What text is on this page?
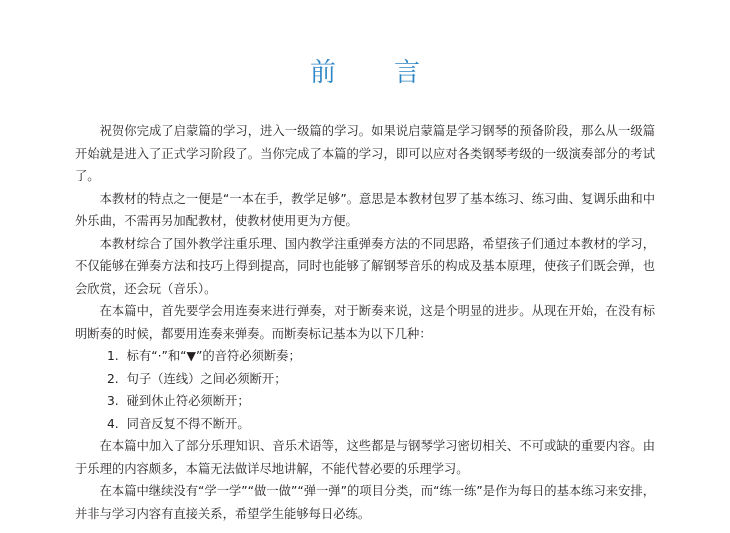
前　言

祝贺你完成了启蒙篇的学习，进入一级篇的学习。如果说启蒙篇是学习钢琴的预备阶段，那么从一级篇开始就是进入了正式学习阶段了。当你完成了本篇的学习，即可以应对各类钢琴考级的一级演奏部分的考试了。

本教材的特点之一便是“一本在手，教学足够”。意思是本教材包罗了基本练习、练习曲、复调乐曲和中外乐曲，不需再另加配教材，使教材使用更为方便。

本教材综合了国外教学注重乐理、国内教学注重弹奏方法的不同思路，希望孩子们通过本教材的学习，不仅能够在弹奏方法和技巧上得到提高，同时也能够了解钢琴音乐的构成及基本原理，使孩子们既会弹，也会欣赏，还会玩（音乐）。

在本篇中，首先要学会用连奏来进行弹奏，对于断奏来说，这是个明显的进步。从现在开始，在没有标明断奏的时候，都要用连奏来弹奏。而断奏标记基本为以下几种：

1. 标有“·”和“▼”的音符必须断奏；
2. 句子（连线）之间必须断开；
3. 碰到休止符必须断开；
4. 同音反复不得不断开。

在本篇中加入了部分乐理知识、音乐术语等，这些都是与钢琴学习密切相关、不可或缺的重要内容。由于乐理的内容颇多，本篇无法做详尽地讲解，不能代替必要的乐理学习。

在本篇中继续没有“学一学”“做一做”“弹一弹”的项目分类，而“练一练”是作为每日的基本练习来安排，并非与学习内容有直接关系，希望学生能够每日必练。
